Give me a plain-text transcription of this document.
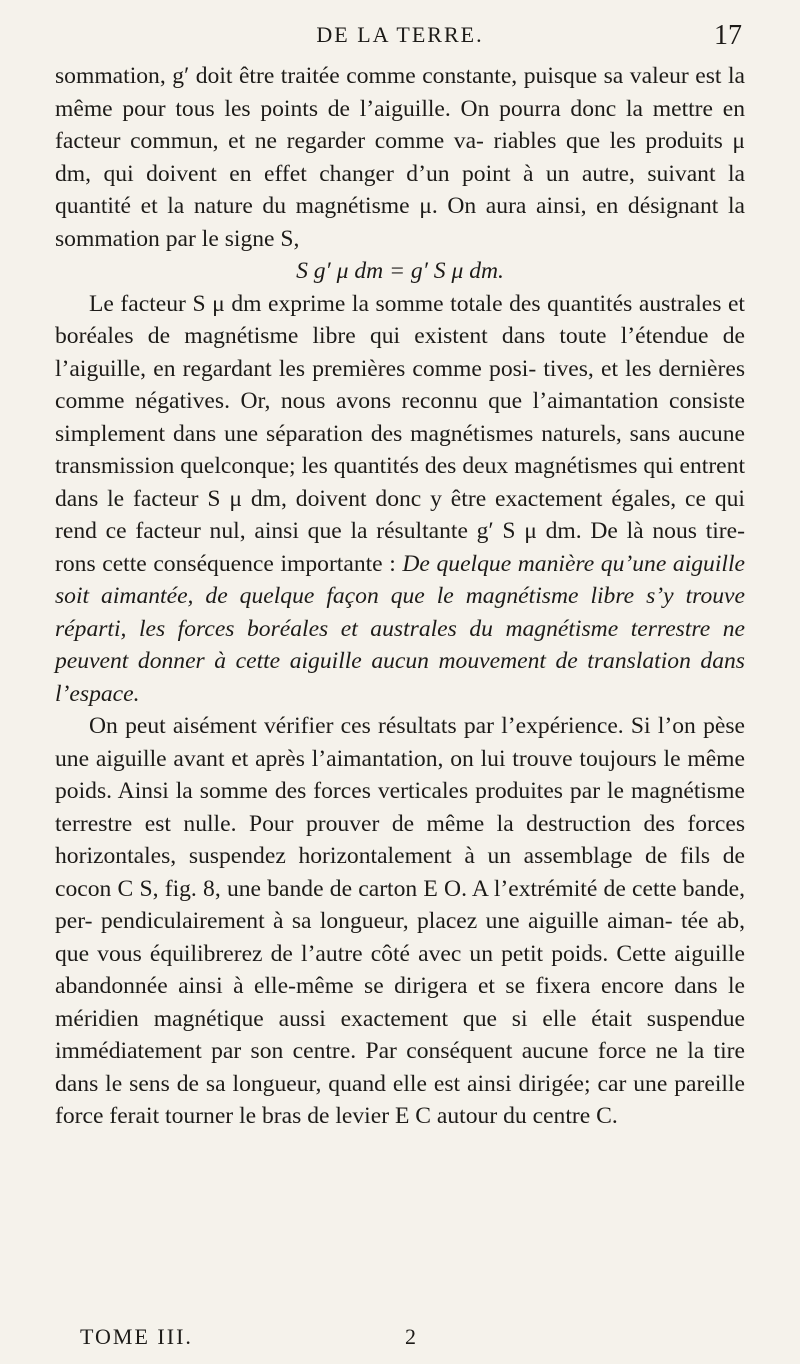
DE LA TERRE.	17

sommation, g′ doit être traitée comme constante, puisque sa valeur est la même pour tous les points de l’aiguille. On pourra donc la mettre en facteur commun, et ne regarder comme va- riables que les produits μ dm, qui doivent en effet changer d’un point à un autre, suivant la quantité et la nature du magnétisme μ. On aura ainsi, en désignant la sommation par le signe S,

S g′ μ dm = g′ S μ dm.

Le facteur S μ dm exprime la somme totale des quantités australes et boréales de magnétisme libre qui existent dans toute l’étendue de l’aiguille, en regardant les premières comme posi- tives, et les dernières comme négatives. Or, nous avons reconnu que l’aimantation consiste simplement dans une séparation des magnétismes naturels, sans aucune transmission quelconque; les quantités des deux magnétismes qui entrent dans le facteur S μ dm, doivent donc y être exactement égales, ce qui rend ce facteur nul, ainsi que la résultante g′ S μ dm. De là nous tire- rons cette conséquence importante : De quelque manière qu’une aiguille soit aimantée, de quelque façon que le magnétisme libre s’y trouve réparti, les forces boréales et australes du magnétisme terrestre ne peuvent donner à cette aiguille aucun mouvement de translation dans l’espace.

On peut aisément vérifier ces résultats par l’expérience. Si l’on pèse une aiguille avant et après l’aimantation, on lui trouve toujours le même poids. Ainsi la somme des forces verticales produites par le magnétisme terrestre est nulle. Pour prouver de même la destruction des forces horizontales, suspendez horizontalement à un assemblage de fils de cocon C S, fig. 8, une bande de carton E O. A l’extrémité de cette bande, per- pendiculairement à sa longueur, placez une aiguille aiman- tée ab, que vous équilibrerez de l’autre côté avec un petit poids. Cette aiguille abandonnée ainsi à elle-même se dirigera et se fixera encore dans le méridien magnétique aussi exactement que si elle était suspendue immédiatement par son centre. Par conséquent aucune force ne la tire dans le sens de sa longueur, quand elle est ainsi dirigée; car une pareille force ferait tourner le bras de levier E C autour du centre C.

TOME III.	2
